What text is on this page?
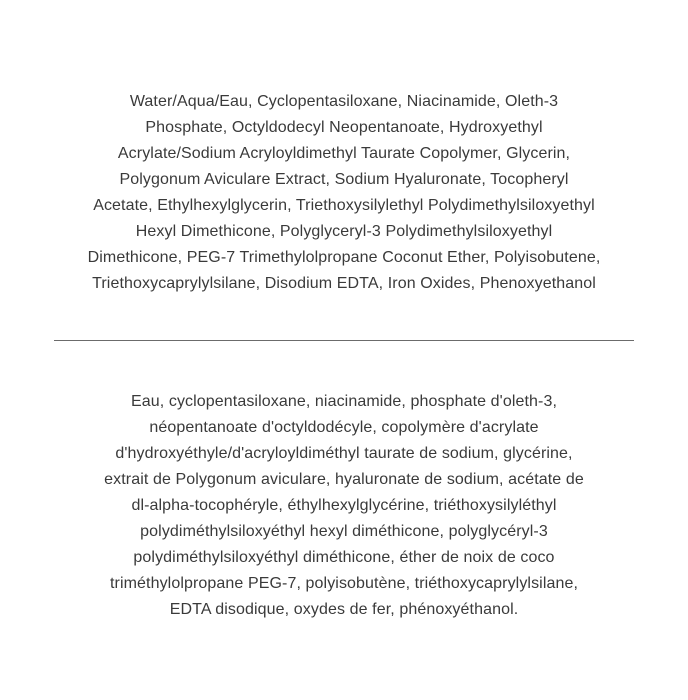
Water/Aqua/Eau, Cyclopentasiloxane, Niacinamide, Oleth-3
Phosphate, Octyldodecyl Neopentanoate, Hydroxyethyl
Acrylate/Sodium Acryloyldimethyl Taurate Copolymer, Glycerin,
Polygonum Aviculare Extract, Sodium Hyaluronate, Tocopheryl
Acetate, Ethylhexylglycerin, Triethoxysilylethyl Polydimethylsiloxyethyl
Hexyl Dimethicone, Polyglyceryl-3 Polydimethylsiloxyethyl
Dimethicone, PEG-7 Trimethylolpropane Coconut Ether, Polyisobutene,
Triethoxycaprylylsilane, Disodium EDTA, Iron Oxides, Phenoxyethanol

Eau, cyclopentasiloxane, niacinamide, phosphate d'oleth-3,
néopentanoate d'octyldodécyle, copolymère d'acrylate
d'hydroxyéthyle/d'acryloyldiméthyl taurate de sodium, glycérine,
extrait de Polygonum aviculare, hyaluronate de sodium, acétate de
dl-alpha-tocophéryle, éthylhexylglycérine, triéthoxysilyléthyl
polydiméthylsiloxyéthyl hexyl diméthicone, polyglycéryl-3
polydiméthylsiloxyéthyl diméthicone, éther de noix de coco
triméthylolpropane PEG-7, polyisobutène, triéthoxycaprylylsilane,
EDTA disodique, oxydes de fer, phénoxyéthanol.
